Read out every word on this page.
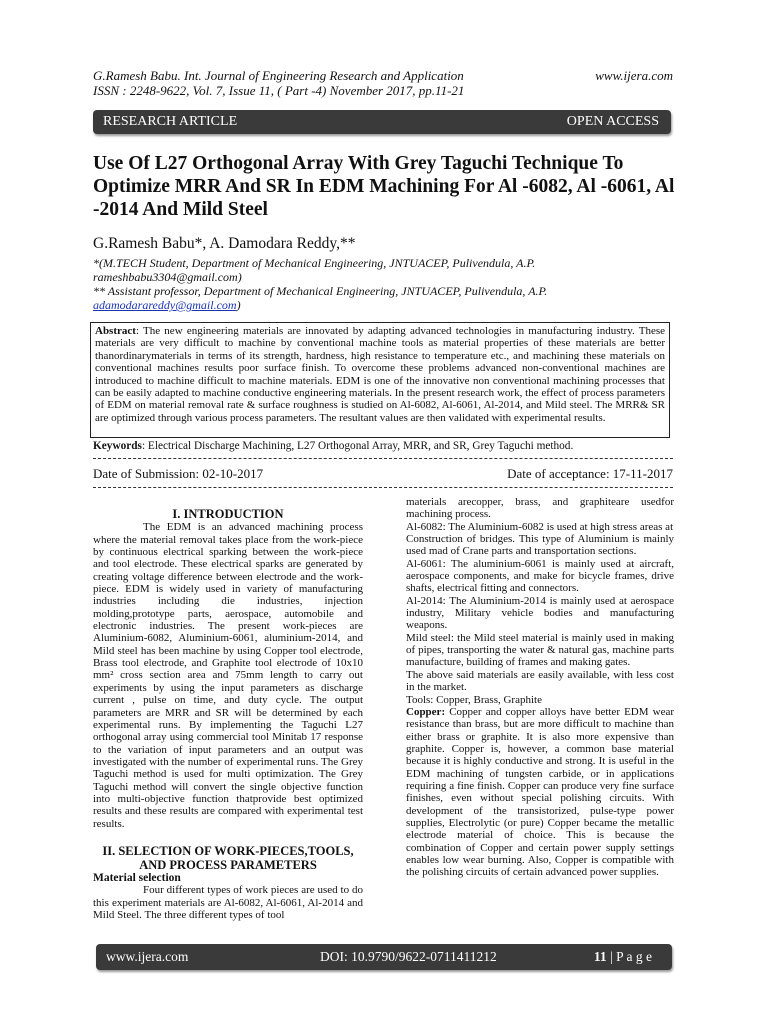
G.Ramesh Babu. Int. Journal of Engineering Research and Application
ISSN : 2248-9622, Vol. 7, Issue 11, ( Part -4) November 2017, pp.11-21
www.ijera.com
RESEARCH ARTICLE	OPEN ACCESS
Use Of L27 Orthogonal Array With Grey Taguchi Technique To Optimize MRR And SR In EDM Machining For Al -6082, Al -6061, Al -2014 And Mild Steel
G.Ramesh Babu*, A. Damodara Reddy,**
*(M.TECH Student, Department of Mechanical Engineering, JNTUACEP, Pulivendula, A.P.
rameshbabu3304@gmail.com)
** Assistant professor, Department of Mechanical Engineering, JNTUACEP, Pulivendula, A.P.
adamodarareddy@gmail.com)
Abstract: The new engineering materials are innovated by adapting advanced technologies in manufacturing industry. These materials are very difficult to machine by conventional machine tools as material properties of these materials are better thanordinarymaterials in terms of its strength, hardness, high resistance to temperature etc., and machining these materials on conventional machines results poor surface finish. To overcome these problems advanced non-conventional machines are introduced to machine difficult to machine materials. EDM is one of the innovative non conventional machining processes that can be easily adapted to machine conductive engineering materials. In the present research work, the effect of process parameters of EDM on material removal rate & surface roughness is studied on Al-6082, Al-6061, Al-2014, and Mild steel. The MRR& SR are optimized through various process parameters. The resultant values are then validated with experimental results.
Keywords: Electrical Discharge Machining, L27 Orthogonal Array, MRR, and SR, Grey Taguchi method.
Date of Submission: 02-10-2017	Date of acceptance: 17-11-2017
I. INTRODUCTION

The EDM is an advanced machining process where the material removal takes place from the work-piece by continuous electrical sparking between the work-piece and tool electrode. These electrical sparks are generated by creating voltage difference between electrode and the work-piece. EDM is widely used in variety of manufacturing industries including die industries, injection molding,prototype parts, aerospace, automobile and electronic industries. The present work-pieces are Aluminium-6082, Aluminium-6061, aluminium-2014, and Mild steel has been machine by using Copper tool electrode, Brass tool electrode, and Graphite tool electrode of 10x10 mm² cross section area and 75mm length to carry out experiments by using the input parameters as discharge current , pulse on time, and duty cycle. The output parameters are MRR and SR will be determined by each experimental runs. By implementing the Taguchi L27 orthogonal array using commercial tool Minitab 17 response to the variation of input parameters and an output was investigated with the number of experimental runs. The Grey Taguchi method is used for multi optimization. The Grey Taguchi method will convert the single objective function into multi-objective function thatprovide best optimized results and these results are compared with experimental test results.

II. SELECTION OF WORK-PIECES,TOOLS, AND PROCESS PARAMETERS
Material selection

Four different types of work pieces are used to do this experiment materials are Al-6082, Al-6061, Al-2014 and Mild Steel. The three different types of tool

materials arecopper, brass, and graphiteare usedfor machining process.

Al-6082: The Aluminium-6082 is used at high stress areas at

Construction of bridges. This type of Aluminium is mainly used mad of Crane parts and transportation sections.

Al-6061: The aluminium-6061 is mainly used at aircraft, aerospace components, and make for bicycle frames, drive shafts, electrical fitting and connectors.

Al-2014: The Aluminium-2014 is mainly used at aerospace industry, Military vehicle bodies and manufacturing weapons.

Mild steel: the Mild steel material is mainly used in making of pipes, transporting the water & natural gas, machine parts manufacture, building of frames and making gates.

The above said materials are easily available, with less cost in the market.

Tools: Copper, Brass, Graphite

Copper: Copper and copper alloys have better EDM wear resistance than brass, but are more difficult to machine than either brass or graphite. It is also more expensive than graphite. Copper is, however, a common base material because it is highly conductive and strong. It is useful in the EDM machining of tungsten carbide, or in applications requiring a fine finish. Copper can produce very fine surface finishes, even without special polishing circuits. With development of the transistorized, pulse-type power supplies, Electrolytic (or pure) Copper became the metallic electrode material of choice. This is because the combination of Copper and certain power supply settings enables low wear burning. Also, Copper is compatible with the polishing circuits of certain advanced power supplies.

www.ijera.com	DOI: 10.9790/9622-0711411212	11 | P a g e
